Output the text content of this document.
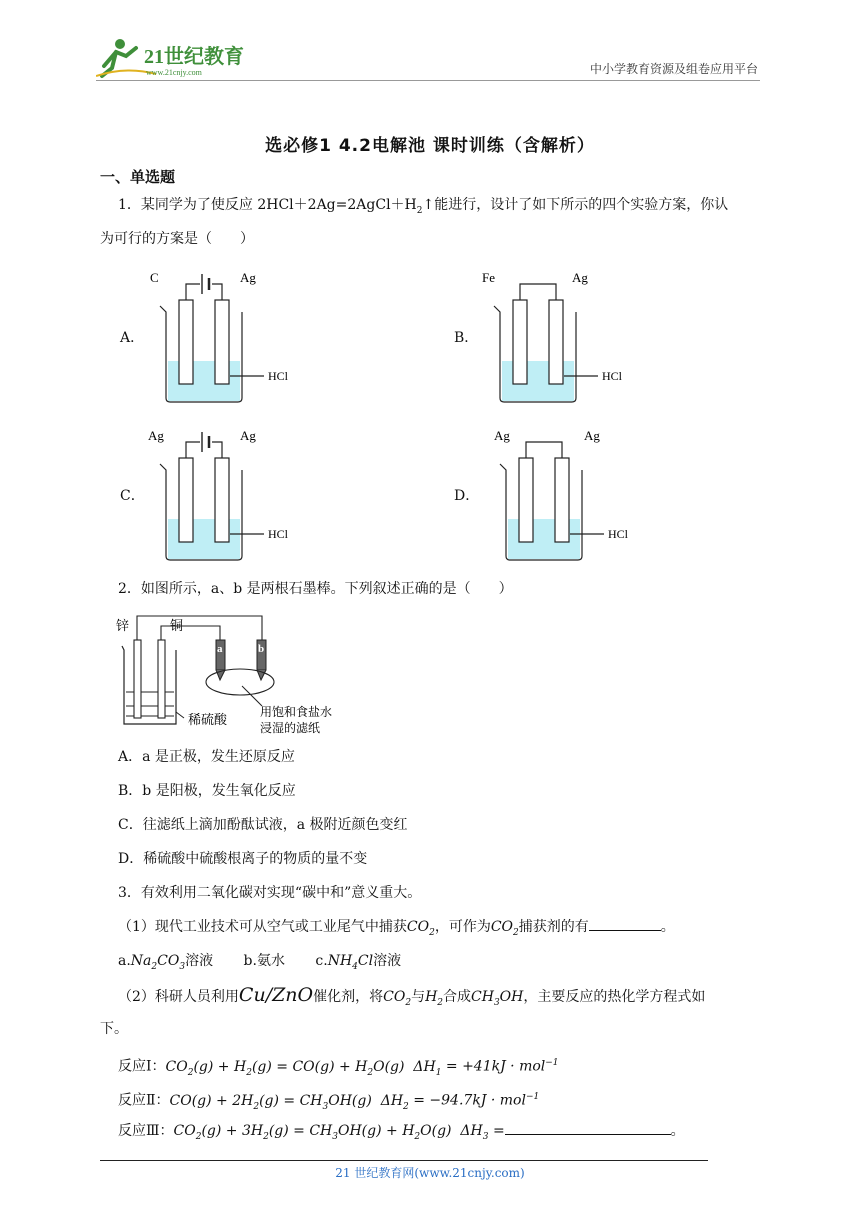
21世纪教育
www.21cnjy.com	中小学教育资源及组卷应用平台
选必修1 4.2电解池 课时训练（含解析）
一、单选题
1．某同学为了使反应 $2HCl+2Ag=2AgCl+H_2↑$能进行，设计了如下所示的四个实验方案，你认
为可行的方案是（　　）
A．	B．
C．	D．
C	Ag
HCl
Fe	Ag
HCl
Ag	Ag
HCl
Ag	Ag
HCl
2．如图所示，a、b 是两根石墨棒。下列叙述正确的是（　　）
锌	铜
a	b
稀硫酸	用饱和食盐水
浸湿的滤纸
A．a 是正极，发生还原反应
B．b 是阳极，发生氧化反应
C．往滤纸上滴加酚酞试液，a 极附近颜色变红
D．稀硫酸中硫酸根离子的物质的量不变
3．有效利用二氧化碳对实现“碳中和”意义重大。
（1）现代工业技术可从空气或工业尾气中捕获$CO_2$，可作为$CO_2$捕获剂的有	。
$a.Na_2CO_3$溶液 b.氨水 $c.NH_4Cl$溶液
（2）科研人员利用Cu/ZnO催化剂，将$CO_2$与$H_2$合成$CH_3OH$，主要反应的热化学方程式如
下。
反应Ⅰ：$CO_2(g) + H_2(g) = CO(g) + H_2O(g) \Delta H_1 = +41kJ \cdot mol^{-1}$
反应Ⅱ：$CO(g) + 2H_2(g) = CH_3OH(g) \Delta H_2 = -94.7kJ \cdot mol^{-1}$
反应Ⅲ：$CO_2(g) + 3H_2(g) = CH_3OH(g) + H_2O(g) \Delta H_3$ =	。
21 世纪教育网(www.21cnjy.com)
